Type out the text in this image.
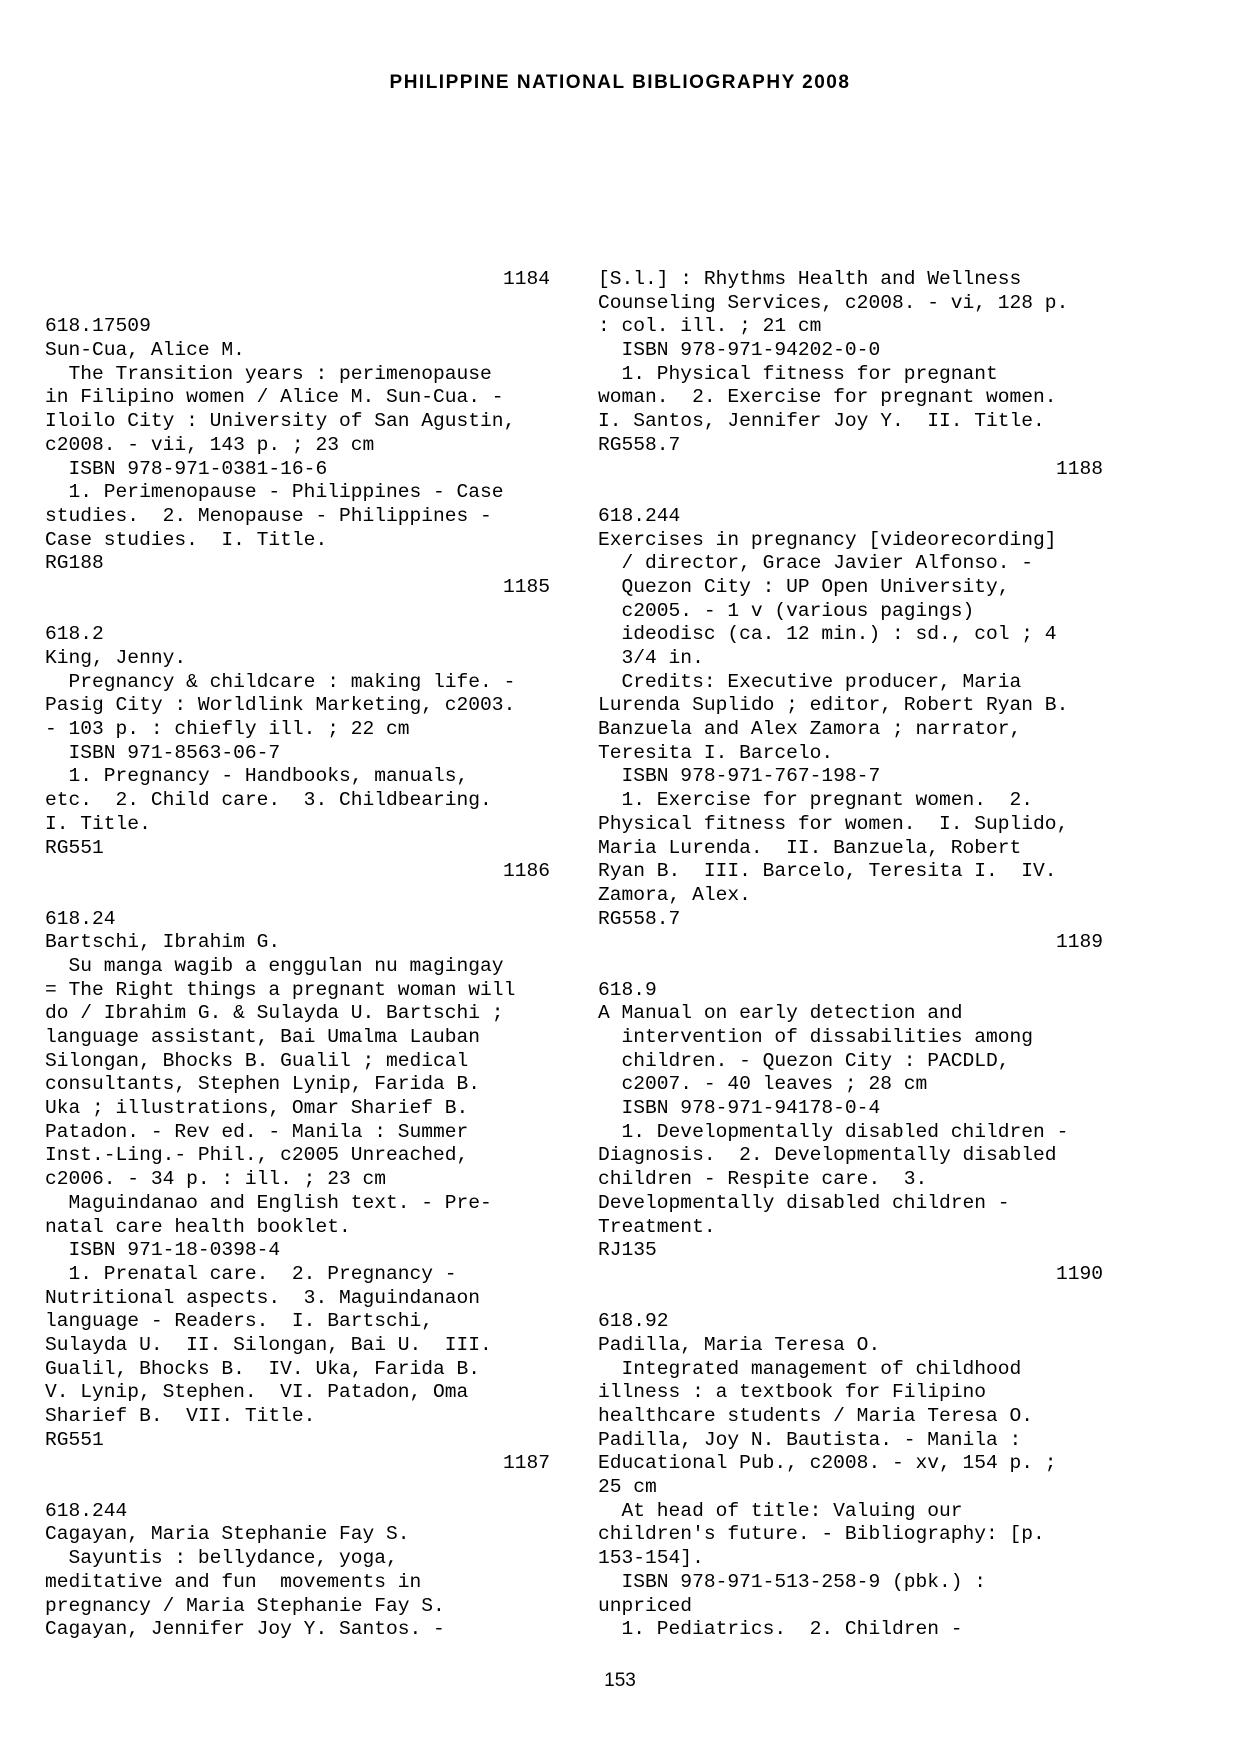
PHILIPPINE NATIONAL BIBLIOGRAPHY 2008
1184
618.17509
Sun-Cua, Alice M.
The Transition years : perimenopause
in Filipino women / Alice M. Sun-Cua. -
Iloilo City : University of San Agustin,
c2008. - vii, 143 p. ; 23 cm
ISBN 978-971-0381-16-6
1. Perimenopause - Philippines - Case
studies.  2. Menopause - Philippines -
Case studies.  I. Title.
RG188
1185
618.2
King, Jenny.
Pregnancy & childcare : making life. -
Pasig City : Worldlink Marketing, c2003.
- 103 p. : chiefly ill. ; 22 cm
ISBN 971-8563-06-7
1. Pregnancy - Handbooks, manuals,
etc.  2. Child care.  3. Childbearing.
I. Title.
RG551
1186
618.24
Bartschi, Ibrahim G.
Su manga wagib a enggulan nu magingay
= The Right things a pregnant woman will
do / Ibrahim G. & Sulayda U. Bartschi ;
language assistant, Bai Umalma Lauban
Silongan, Bhocks B. Gualil ; medical
consultants, Stephen Lynip, Farida B.
Uka ; illustrations, Omar Sharief B.
Patadon. - Rev ed. - Manila : Summer
Inst.-Ling.- Phil., c2005 Unreached,
c2006. - 34 p. : ill. ; 23 cm
Maguindanao and English text. - Pre-
natal care health booklet.
ISBN 971-18-0398-4
1. Prenatal care.  2. Pregnancy -
Nutritional aspects.  3. Maguindanaon
language - Readers.  I. Bartschi,
Sulayda U.  II. Silongan, Bai U.  III.
Gualil, Bhocks B.  IV. Uka, Farida B.
V. Lynip, Stephen.  VI. Patadon, Oma
Sharief B.  VII. Title.
RG551
1187
618.244
Cagayan, Maria Stephanie Fay S.
Sayuntis : bellydance, yoga,
meditative and fun  movements in
pregnancy / Maria Stephanie Fay S.
Cagayan, Jennifer Joy Y. Santos. -
[S.l.] : Rhythms Health and Wellness
Counseling Services, c2008. - vi, 128 p.
: col. ill. ; 21 cm
ISBN 978-971-94202-0-0
1. Physical fitness for pregnant
woman.  2. Exercise for pregnant women.
I. Santos, Jennifer Joy Y.  II. Title.
RG558.7
1188
618.244
Exercises in pregnancy [videorecording]
/ director, Grace Javier Alfonso. -
Quezon City : UP Open University,
c2005. - 1 v (various pagings)
ideodisc (ca. 12 min.) : sd., col ; 4
3/4 in.
Credits: Executive producer, Maria
Lurenda Suplido ; editor, Robert Ryan B.
Banzuela and Alex Zamora ; narrator,
Teresita I. Barcelo.
ISBN 978-971-767-198-7
1. Exercise for pregnant women.  2.
Physical fitness for women.  I. Suplido,
Maria Lurenda.  II. Banzuela, Robert
Ryan B.  III. Barcelo, Teresita I.  IV.
Zamora, Alex.
RG558.7
1189
618.9
A Manual on early detection and
intervention of dissabilities among
children. - Quezon City : PACDLD,
c2007. - 40 leaves ; 28 cm
ISBN 978-971-94178-0-4
1. Developmentally disabled children -
Diagnosis.  2. Developmentally disabled
children - Respite care.  3.
Developmentally disabled children -
Treatment.
RJ135
1190
618.92
Padilla, Maria Teresa O.
Integrated management of childhood
illness : a textbook for Filipino
healthcare students / Maria Teresa O.
Padilla, Joy N. Bautista. - Manila :
Educational Pub., c2008. - xv, 154 p. ;
25 cm
At head of title: Valuing our
children's future. - Bibliography: [p.
153-154].
ISBN 978-971-513-258-9 (pbk.) :
unpriced
1. Pediatrics.  2. Children -
153
